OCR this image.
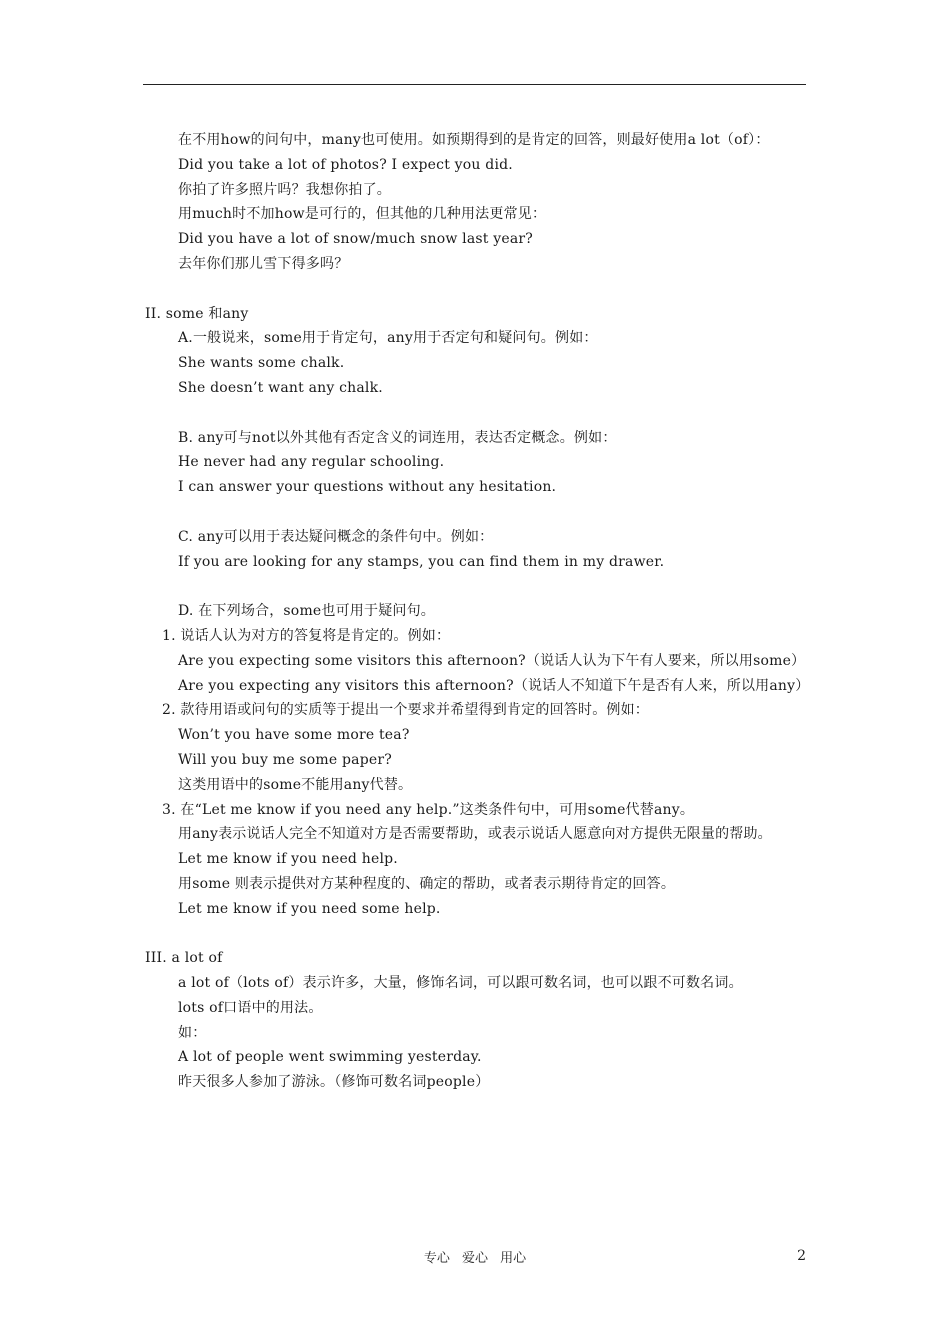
在不用how的问句中，many也可使用。如预期得到的是肯定的回答，则最好使用a lot（of）：

Did you take a lot of photos? I expect you did.

你拍了许多照片吗？我想你拍了。

用much时不加how是可行的，但其他的几种用法更常见：

Did you have a lot of snow/much snow last year?

去年你们那儿雪下得多吗？

II. some 和any

A.一般说来，some用于肯定句，any用于否定句和疑问句。例如：

She wants some chalk.

She doesn’t want any chalk.

B. any可与not以外其他有否定含义的词连用，表达否定概念。例如：

He never had any regular schooling.

I can answer your questions without any hesitation.

C. any可以用于表达疑问概念的条件句中。例如：

If you are looking for any stamps, you can find them in my drawer.

D. 在下列场合，some也可用于疑问句。

1. 说话人认为对方的答复将是肯定的。例如：

Are you expecting some visitors this afternoon?（说话人认为下午有人要来，所以用some）

Are you expecting any visitors this afternoon?（说话人不知道下午是否有人来，所以用any）

2. 款待用语或问句的实质等于提出一个要求并希望得到肯定的回答时。例如：

Won’t you have some more tea?

Will you buy me some paper?

这类用语中的some不能用any代替。

3. 在“Let me know if you need any help.”这类条件句中，可用some代替any。

用any表示说话人完全不知道对方是否需要帮助，或表示说话人愿意向对方提供无限量的帮助。

Let me know if you need help.

用some 则表示提供对方某种程度的、确定的帮助，或者表示期待肯定的回答。

Let me know if you need some help.

III. a lot of

a lot of（lots of）表示许多，大量，修饰名词，可以跟可数名词，也可以跟不可数名词。

lots of口语中的用法。

如：

A lot of people went swimming yesterday.

昨天很多人参加了游泳。（修饰可数名词people）

专心 爱心 用心	2
